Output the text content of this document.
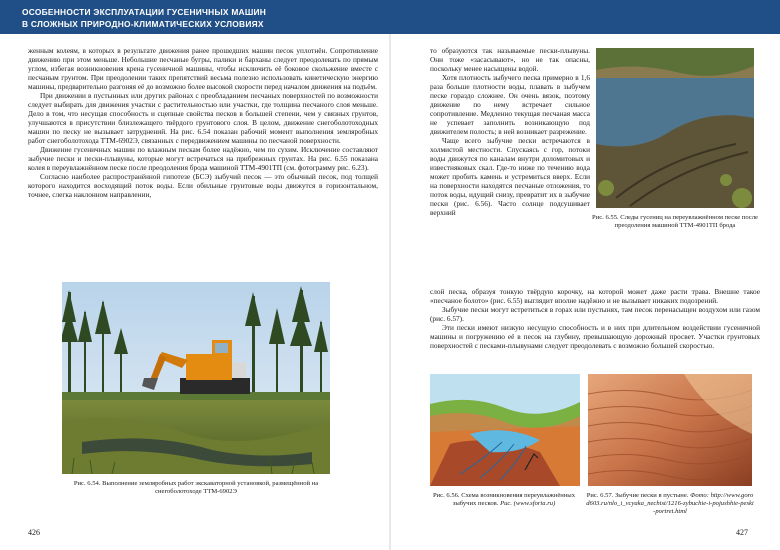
ОСОБЕННОСТИ ЭКСПЛУАТАЦИИ ГУСЕНИЧНЫХ МАШИН
В СЛОЖНЫХ ПРИРОДНО-КЛИМАТИЧЕСКИХ УСЛОВИЯХ

женным колеям, в которых в результате движения ранее прошедших машин песок уплотнён. Сопротивление движению при этом меньше. Небольшие песчаные бугры, палики и барханы следует преодолевать по прямым углом, избегая возникновения крена гусеничной машины, чтобы исключить её боковое скольжение вместе с песчаным грунтом. При преодолении таких препятствий весьма полезно использовать кинетическую энергию машины, предварительно разгоняя её до возможно более высокой скорости перед началом движения на подъём.

При движении в пустынных или других районах с преобладанием песчаных поверхностей по возможности следует выбирать для движения участки с растительностью или участки, где толщина песчаного слоя меньше. Дело в том, что несущая способность и сцепные свойства песков в большей степени, чем у связных грунтов, улучшаются в присутствии близлежащего твёрдого грунтового слоя. В целом, движение снегоболотоходных машин по песку не вызывает затруднений. На рис. 6.54 показан рабочий момент выполнения земляробных работ снегоболотохода ТТМ-6902Э, связанных с передвижением машины по песчаной поверхности.

Движение гусеничных машин по влажным пескам более надёжно, чем по сухим. Исключение составляют зыбучие пески и пески-плывуны, которые могут встречаться на прибрежных грунтах. На рис. 6.55 показана колея в переувлажнённом песке после преодоления брода машиной ТТМ-4901ТП (см. фотограмму рис. 6.23).

Согласно наиболее распространённой гипотезе (БСЭ) зыбучий песок — это обычный песок, под толщей которого находится восходящий поток воды. Если обильные грунтовые воды движутся в горизонтальном, точнее, слегка наклонном направлении,

Рис. 6.54. Выполнение земляробных работ экскаваторной установкой, размещённой на снегоболотоходе ТТМ-6902Э
426

то образуются так называемые пески-плывуны. Они тоже «засасывают», но не так опасны, поскольку менее насыщены водой.

Хотя плотность зыбучего песка примерно в 1,6 раза больше плотности воды, плавать в зыбучем песке гораздо сложнее. Он очень вязок, поэтому движение по нему встречает сильное сопротивление. Медленно текущая песчаная масса не успевает заполнить возникающую под движителем полость; в ней возникает разрежение.

Чаще всего зыбучие пески встречаются в холмистой местности. Спускаясь с гор, потоки воды движутся по каналам внутри доломитовых и известняковых скал. Где-то ниже по течению вода может пробить камень и устремиться вверх. Если на поверхности находятся песчаные отложения, то поток воды, идущий снизу, превратит их в зыбучие пески (рис. 6.56). Часто солнце подсушивает верхний

Рис. 6.55. Следы гусениц на переувлажнённом песке после преодоления машиной ТТМ-4901ТП брода

слой песка, образуя тонкую твёрдую корочку, на которой может даже расти трава. Внешне такое «песчаное болото» (рис. 6.55) выглядит вполне надёжно и не вызывает никаких подозрений.

Зыбучие пески могут встретиться в горах или пустынях, там песок перенасыщен воздухом или газом (рис. 6.57).

Эти пески имеют низкую несущую способность и в них при длительном воздействии гусеничной машины и погружению её в песок на глубину, превышающую дорожный просвет. Участки грунтовых поверхностей с песками-плывунами следует преодолевать с возможно большей скоростью.

Рис. 6.56. Схема возникновения переувлажнённых зыбучих песков. Рис. (www.sforia.ru)
Рис. 6.57. Зыбучие пески в пустыне. Фото: http://www.gorod603.ru/nlo_i_vcyaka_nechist/1216-zybuchie-i-pojushhie-peski-portret.html
427
